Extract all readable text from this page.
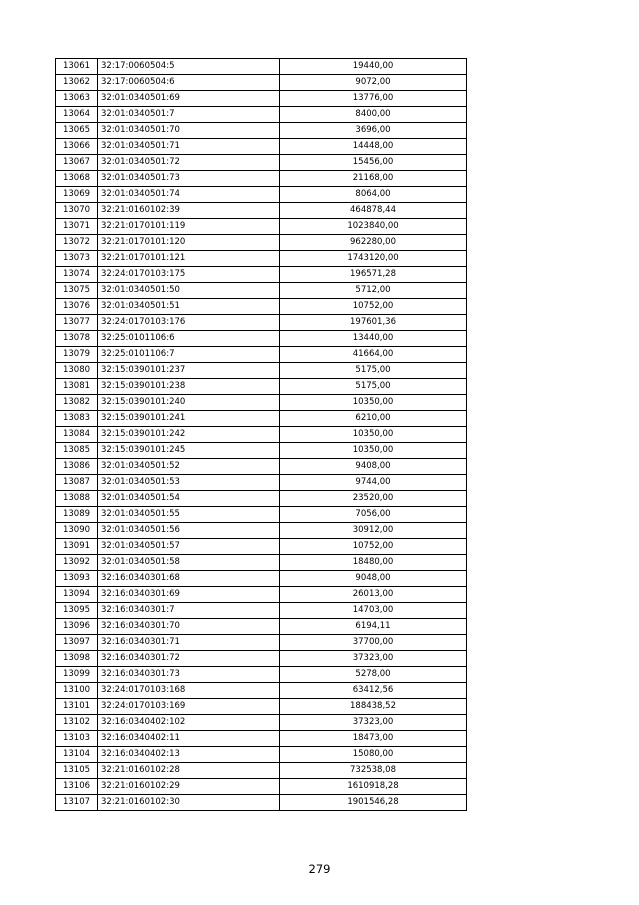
13061	32:17:0060504:5	19440,00
13062	32:17:0060504:6	9072,00
13063	32:01:0340501:69	13776,00
13064	32:01:0340501:7	8400,00
13065	32:01:0340501:70	3696,00
13066	32:01:0340501:71	14448,00
13067	32:01:0340501:72	15456,00
13068	32:01:0340501:73	21168,00
13069	32:01:0340501:74	8064,00
13070	32:21:0160102:39	464878,44
13071	32:21:0170101:119	1023840,00
13072	32:21:0170101:120	962280,00
13073	32:21:0170101:121	1743120,00
13074	32:24:0170103:175	196571,28
13075	32:01:0340501:50	5712,00
13076	32:01:0340501:51	10752,00
13077	32:24:0170103:176	197601,36
13078	32:25:0101106:6	13440,00
13079	32:25:0101106:7	41664,00
13080	32:15:0390101:237	5175,00
13081	32:15:0390101:238	5175,00
13082	32:15:0390101:240	10350,00
13083	32:15:0390101:241	6210,00
13084	32:15:0390101:242	10350,00
13085	32:15:0390101:245	10350,00
13086	32:01:0340501:52	9408,00
13087	32:01:0340501:53	9744,00
13088	32:01:0340501:54	23520,00
13089	32:01:0340501:55	7056,00
13090	32:01:0340501:56	30912,00
13091	32:01:0340501:57	10752,00
13092	32:01:0340501:58	18480,00
13093	32:16:0340301:68	9048,00
13094	32:16:0340301:69	26013,00
13095	32:16:0340301:7	14703,00
13096	32:16:0340301:70	6194,11
13097	32:16:0340301:71	37700,00
13098	32:16:0340301:72	37323,00
13099	32:16:0340301:73	5278,00
13100	32:24:0170103:168	63412,56
13101	32:24:0170103:169	188438,52
13102	32:16:0340402:102	37323,00
13103	32:16:0340402:11	18473,00
13104	32:16:0340402:13	15080,00
13105	32:21:0160102:28	732538,08
13106	32:21:0160102:29	1610918,28
13107	32:21:0160102:30	1901546,28
279
